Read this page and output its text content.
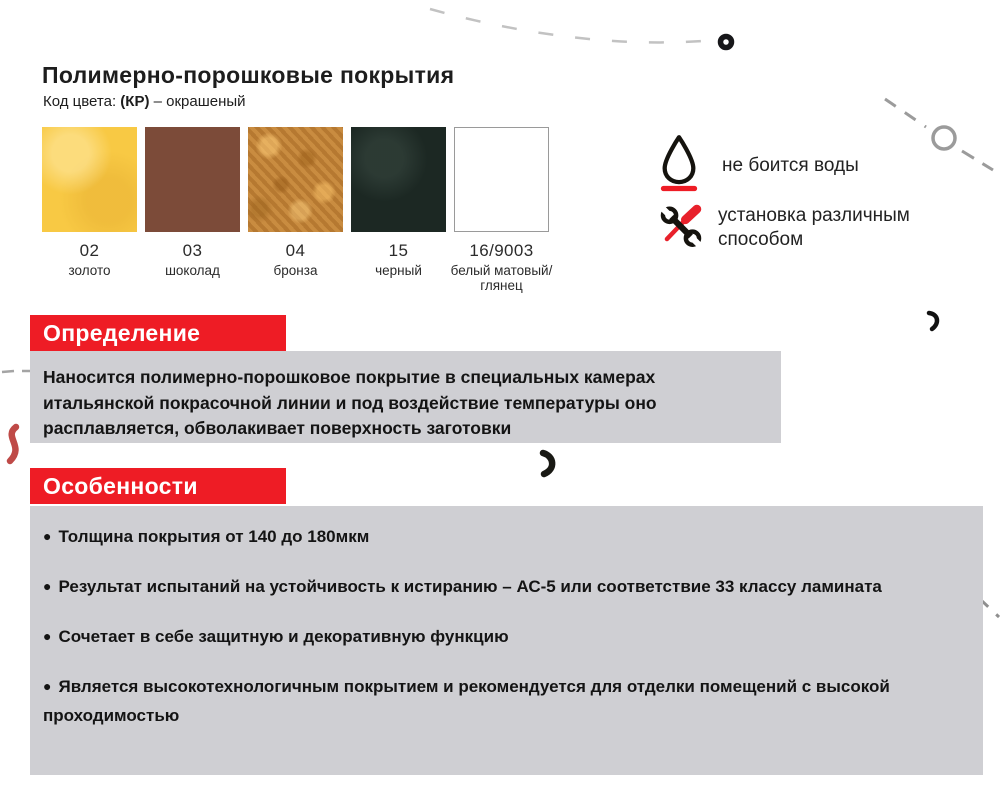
Полимерно-порошковые покрытия
Код цвета: (КР) – окрашеный
02
золото
03
шоколад
04
бронза
15
черный
16/9003
белый матовый/глянец
не боится воды
установка различным способом
Определение
Наносится полимерно-порошковое покрытие в специальных камерах итальянской покрасочной линии и под воздействие температуры оно расплавляется, обволакивает поверхность заготовки
Особенности
● Толщина покрытия от 140 до 180мкм
● Результат испытаний на устойчивость к истиранию – АС-5 или соответствие 33 классу ламината
● Сочетает в себе защитную и декоративную функцию
● Является высокотехнологичным покрытием и рекомендуется для отделки помещений с высокой проходимостью
